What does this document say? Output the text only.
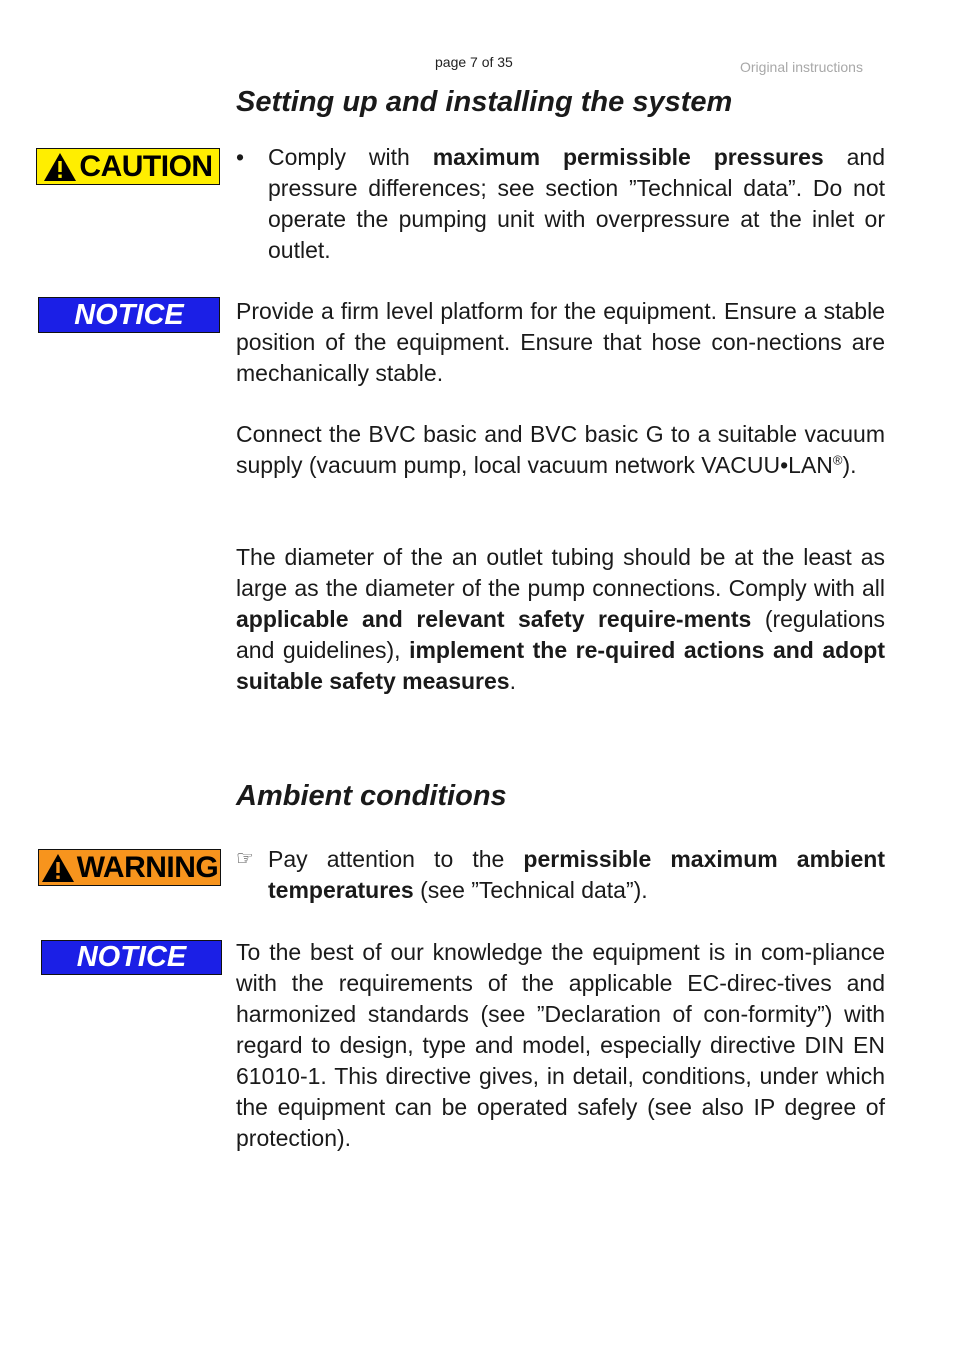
page 7 of 35	Original instructions
Setting up and installing the system
CAUTION • Comply with maximum permissible pressures and pressure differences; see section ”Technical data”. Do not operate the pumping unit with overpressure at the inlet or outlet.
NOTICE	Provide a firm level platform for the equipment. Ensure a stable position of the equipment. Ensure that hose con-nections are mechanically stable.

Connect the BVC basic and BVC basic G to a suitable vacuum supply (vacuum pump, local vacuum network VACUU•LAN®).

The diameter of the an outlet tubing should be at the least as large as the diameter of the pump connections. Comply with all applicable and relevant safety require-ments (regulations and guidelines), implement the re-quired actions and adopt suitable safety measures.

Ambient conditions
WARNING ☞ Pay attention to the permissible maximum ambient temperatures (see ”Technical data”).
NOTICE	To the best of our knowledge the equipment is in com-pliance with the requirements of the applicable EC-direc-tives and harmonized standards (see ”Declaration of con-formity”) with regard to design, type and model, especially directive DIN EN 61010-1. This directive gives, in detail, conditions, under which the equipment can be operated safely (see also IP degree of protection).
